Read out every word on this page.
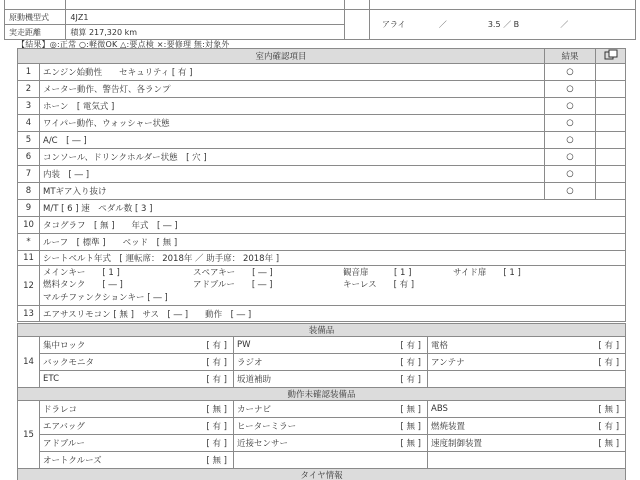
原動機型式	4JZ1		アライ ／ 3.5 ／ B ／
実走距離	積算 217,320 km		
【結果】◎:正常 ○:軽微OK △:要点検 ×:要修理 無:対象外
室内確認項目		結果	
1	エンジン始動性　　セキュリティ [ 有 ]	○	
2	メーター動作、警告灯、各ランプ	○	
3	ホーン　[ 電気式 ]	○	
4	ワイパー動作、ウォッシャー状態	○	
5	A/C　[ ― ]	○	
6	コンソール、ドリンクホルダー状態　[ 穴 ]	○	
7	内装　[ ― ]	○	
8	MTギア入り抜け	○	
9	M/T [ 6 ] 速　ペダル数 [ 3 ]		
10	タコグラフ　[ 無 ]　　年式　[ ― ]		
*	ルーフ　[ 標準 ]　　ベッド　[ 無 ]		
11	シートベルト年式　[ 運転席： 2018年 ／ 助手席： 2018年 ]		
12	メインキー　　[ 1 ] スペアキー　　[ ― ] 観音扉　　　[ 1 ] サイド扉　　[ 1 ]
燃料タンク　　[ ― ] アドブルー　　[ ― ] キーレス　　[ 有 ]
マルチファンクションキー [ ― ]		

13	エアサスリモコン [ 無 ]　サス　[ ― ]　　動作　[ ― ]		
装備品						
14	集中ロック	[ 有 ]	PW	[ 有 ]	電格	[ 有 ]
	バックモニタ	[ 有 ]	ラジオ	[ 有 ]	アンテナ	[ 有 ]
	ETC	[ 有 ]	坂道補助	[ 有 ]		
動作未確認装備品						
15	ドラレコ	[ 無 ]	カーナビ	[ 無 ]	ABS	[ 無 ]
	エアバッグ	[ 有 ]	ヒーターミラー	[ 無 ]	燃焼装置	[ 有 ]
	アドブルー	[ 有 ]	近接センサー	[ 無 ]	速度制御装置	[ 無 ]
	オートクルーズ	[ 無 ]				
タイヤ情報						
